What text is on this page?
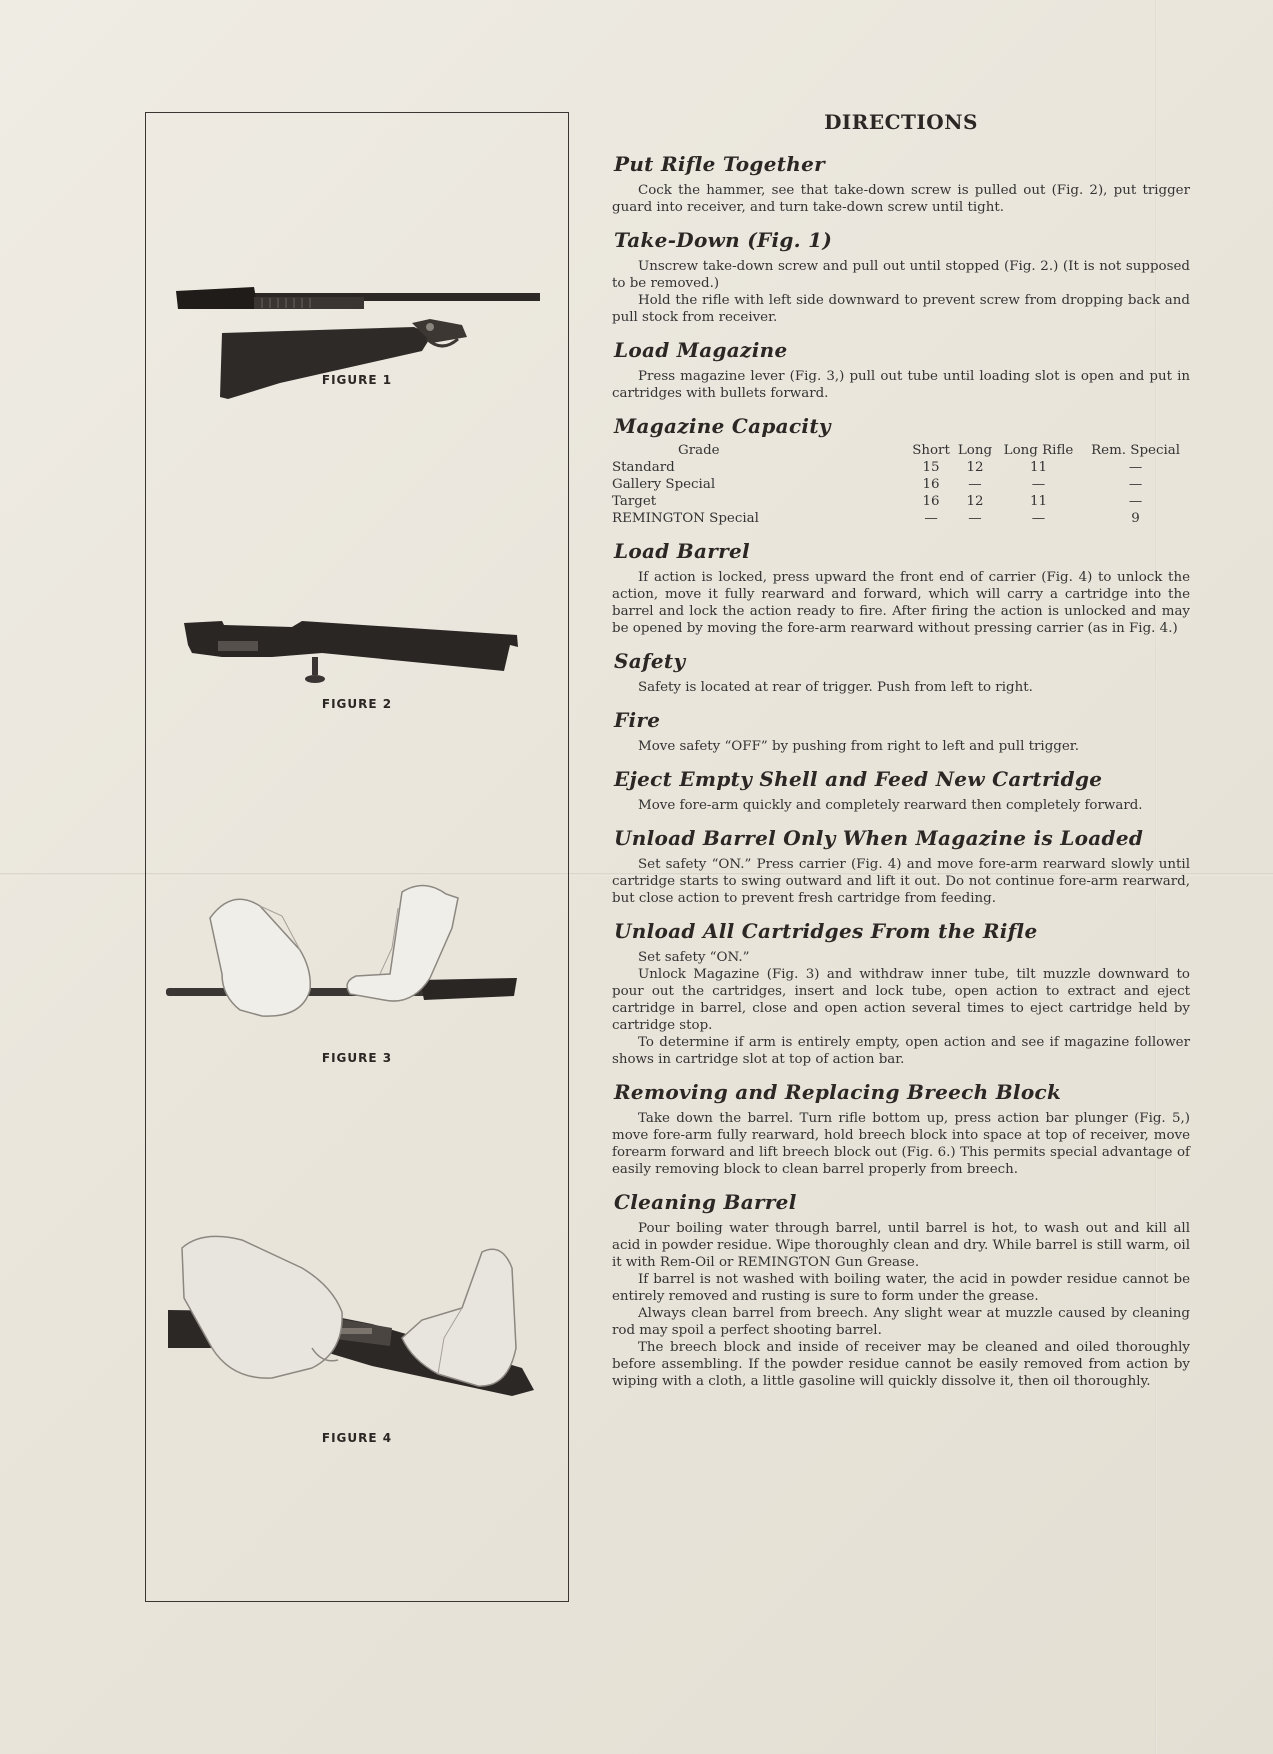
FIGURE 1
FIGURE 2
FIGURE 3
FIGURE 4
DIRECTIONS
Put Rifle Together

Cock the hammer, see that take-down screw is pulled out (Fig. 2), put trigger guard into receiver, and turn take-down screw until tight.

Take-Down (Fig. 1)

Unscrew take-down screw and pull out until stopped (Fig. 2.) (It is not supposed to be removed.)

Hold the rifle with left side downward to prevent screw from dropping back and pull stock from receiver.

Load Magazine

Press magazine lever (Fig. 3,) pull out tube until loading slot is open and put in cartridges with bullets forward.

Magazine Capacity
Grade	Short	Long	Long Rifle	Rem. Special
Standard	15	12	11	—
Gallery Special	16	—	—	—
Target	16	12	11	—
REMINGTON Special	—	—	—	9
Load Barrel

If action is locked, press upward the front end of carrier (Fig. 4) to unlock the action, move it fully rearward and forward, which will carry a cartridge into the barrel and lock the action ready to fire. After firing the action is unlocked and may be opened by moving the fore-arm rearward without pressing carrier (as in Fig. 4.)

Safety

Safety is located at rear of trigger. Push from left to right.

Fire

Move safety “OFF” by pushing from right to left and pull trigger.

Eject Empty Shell and Feed New Cartridge

Move fore-arm quickly and completely rearward then completely forward.

Unload Barrel Only When Magazine is Loaded

Set safety “ON.” Press carrier (Fig. 4) and move fore-arm rearward slowly until cartridge starts to swing outward and lift it out. Do not continue fore-arm rearward, but close action to prevent fresh cartridge from feeding.

Unload All Cartridges From the Rifle

Set safety “ON.”

Unlock Magazine (Fig. 3) and withdraw inner tube, tilt muzzle downward to pour out the cartridges, insert and lock tube, open action to extract and eject cartridge in barrel, close and open action several times to eject cartridge held by cartridge stop.

To determine if arm is entirely empty, open action and see if magazine follower shows in cartridge slot at top of action bar.

Removing and Replacing Breech Block

Take down the barrel. Turn rifle bottom up, press action bar plunger (Fig. 5,) move fore-arm fully rearward, hold breech block into space at top of receiver, move forearm forward and lift breech block out (Fig. 6.) This permits special advantage of easily removing block to clean barrel properly from breech.

Cleaning Barrel

Pour boiling water through barrel, until barrel is hot, to wash out and kill all acid in powder residue. Wipe thoroughly clean and dry. While barrel is still warm, oil it with Rem-Oil or REMINGTON Gun Grease.

If barrel is not washed with boiling water, the acid in powder residue cannot be entirely removed and rusting is sure to form under the grease.

Always clean barrel from breech. Any slight wear at muzzle caused by cleaning rod may spoil a perfect shooting barrel.

The breech block and inside of receiver may be cleaned and oiled thoroughly before assembling. If the powder residue cannot be easily removed from action by wiping with a cloth, a little gasoline will quickly dissolve it, then oil thoroughly.
